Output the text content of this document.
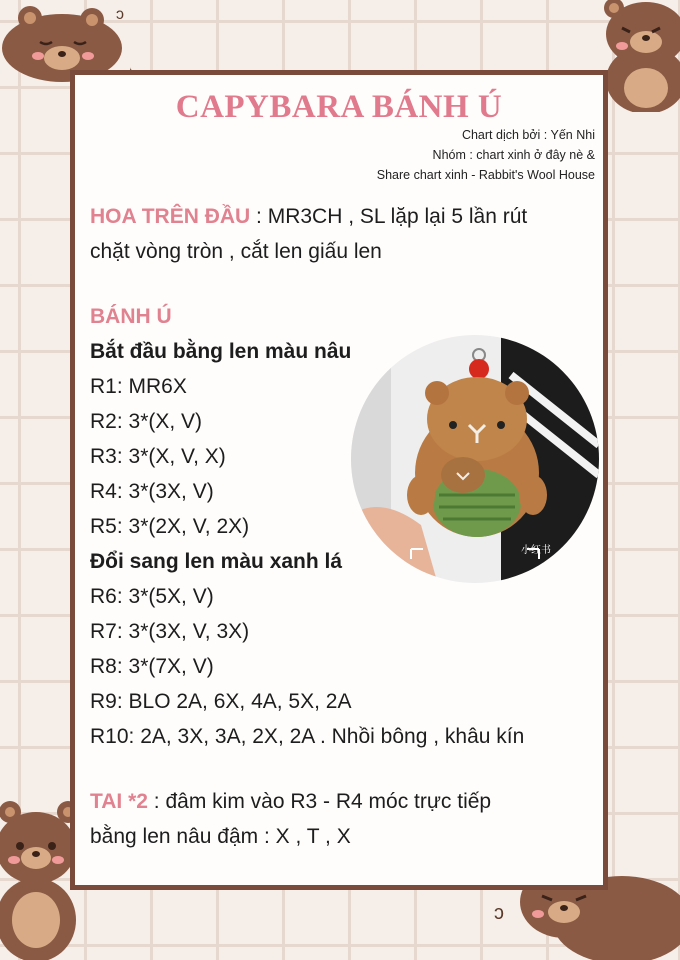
ↄ
ↄ
CAPYBARA BÁNH Ú
Chart dịch bởi : Yến Nhi
Nhóm : chart xinh ở đây nè &
Share chart xinh - Rabbit's Wool House
HOA TRÊN ĐẦU : MR3CH , SL lặp lại 5 lần rút
chặt vòng tròn , cắt len giấu len
BÁNH Ú
Bắt đầu bằng len màu nâu
R1: MR6X
R2: 3*(X, V)
R3: 3*(X, V, X)
R4: 3*(3X, V)
R5: 3*(2X, V, 2X)
Đổi sang len màu xanh lá
R6: 3*(5X, V)
R7: 3*(3X, V, 3X)
R8: 3*(7X, V)
R9: BLO 2A, 6X, 4A, 5X, 2A
R10: 2A, 3X, 3A, 2X, 2A . Nhồi bông , khâu kín
TAI *2 : đâm kim vào R3 - R4 móc trực tiếp
bằng len nâu đậm : X , T , X
小红书
